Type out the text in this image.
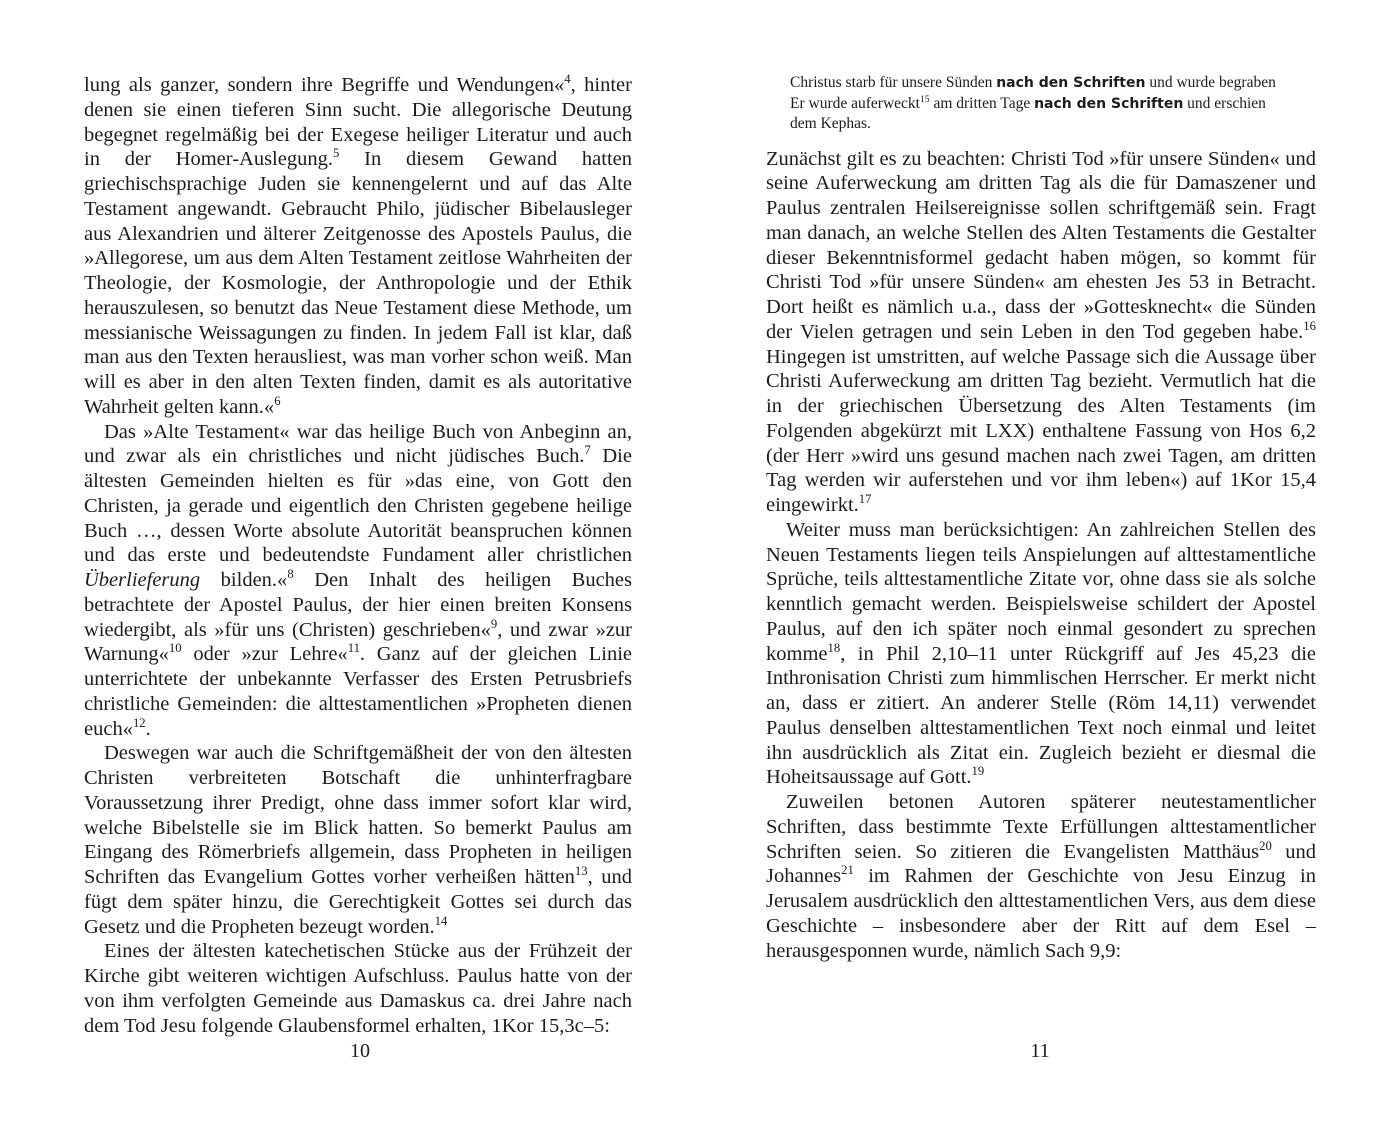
lung als ganzer, sondern ihre Begriffe und Wendungen«$^4$, hinter denen sie einen tieferen Sinn sucht. Die allegorische Deutung begegnet regelmäßig bei der Exegese heiliger Literatur und auch in der Homer-Auslegung.$^5$ In diesem Gewand hatten griechischsprachige Juden sie kennengelernt und auf das Alte Testament angewandt. Gebraucht Philo, jüdischer Bibelausleger aus Alexandrien und älterer Zeitgenosse des Apostels Paulus, die »Allegorese, um aus dem Alten Testament zeitlose Wahrheiten der Theologie, der Kosmologie, der Anthropologie und der Ethik herauszulesen, so benutzt das Neue Testament diese Methode, um messianische Weissagungen zu finden. In jedem Fall ist klar, daß man aus den Texten herausliest, was man vorher schon weiß. Man will es aber in den alten Texten finden, damit es als autoritative Wahrheit gelten kann.«$^6$

Das »Alte Testament« war das heilige Buch von Anbeginn an, und zwar als ein christliches und nicht jüdisches Buch.$^7$ Die ältesten Gemeinden hielten es für »das eine, von Gott den Christen, ja gerade und eigentlich den Christen gegebene heilige Buch …, dessen Worte absolute Autorität beanspruchen können und das erste und bedeutendste Fundament aller christlichen Überlieferung bilden.«$^8$ Den Inhalt des heiligen Buches betrachtete der Apostel Paulus, der hier einen breiten Konsens wiedergibt, als »für uns (Christen) geschrieben«$^9$, und zwar »zur Warnung«$^{10}$ oder »zur Lehre«$^{11}$. Ganz auf der gleichen Linie unterrichtete der unbekannte Verfasser des Ersten Petrusbriefs christliche Gemeinden: die alttestamentlichen »Propheten dienen euch«$^{12}$.

Deswegen war auch die Schriftgemäßheit der von den ältesten Christen verbreiteten Botschaft die unhinterfragbare Voraussetzung ihrer Predigt, ohne dass immer sofort klar wird, welche Bibelstelle sie im Blick hatten. So bemerkt Paulus am Eingang des Römerbriefs allgemein, dass Propheten in heiligen Schriften das Evangelium Gottes vorher verheißen hätten$^{13}$, und fügt dem später hinzu, die Gerechtigkeit Gottes sei durch das Gesetz und die Propheten bezeugt worden.$^{14}$

Eines der ältesten katechetischen Stücke aus der Frühzeit der Kirche gibt weiteren wichtigen Aufschluss. Paulus hatte von der von ihm verfolgten Gemeinde aus Damaskus ca. drei Jahre nach dem Tod Jesu folgende Glaubensformel erhalten, 1Kor 15,3c–5:

Christus starb für unsere Sünden nach den Schriften und wurde begraben
Er wurde auferweckt$^{15}$ am dritten Tage nach den Schriften und erschien
dem Kephas.

Zunächst gilt es zu beachten: Christi Tod »für unsere Sünden« und seine Auferweckung am dritten Tag als die für Damaszener und Paulus zentralen Heilsereignisse sollen schriftgemäß sein. Fragt man danach, an welche Stellen des Alten Testaments die Gestalter dieser Bekenntnisformel gedacht haben mögen, so kommt für Christi Tod »für unsere Sünden« am ehesten Jes 53 in Betracht. Dort heißt es nämlich u.a., dass der »Gottesknecht« die Sünden der Vielen getragen und sein Leben in den Tod gegeben habe.$^{16}$ Hingegen ist umstritten, auf welche Passage sich die Aussage über Christi Auferweckung am dritten Tag bezieht. Vermutlich hat die in der griechischen Übersetzung des Alten Testaments (im Folgenden abgekürzt mit LXX) enthaltene Fassung von Hos 6,2 (der Herr »wird uns gesund machen nach zwei Tagen, am dritten Tag werden wir auferstehen und vor ihm leben«) auf 1Kor 15,4 eingewirkt.$^{17}$

Weiter muss man berücksichtigen: An zahlreichen Stellen des Neuen Testaments liegen teils Anspielungen auf alttestamentliche Sprüche, teils alttestamentliche Zitate vor, ohne dass sie als solche kenntlich gemacht werden. Beispielsweise schildert der Apostel Paulus, auf den ich später noch einmal gesondert zu sprechen komme$^{18}$, in Phil 2,10–11 unter Rückgriff auf Jes 45,23 die Inthronisation Christi zum himmlischen Herrscher. Er merkt nicht an, dass er zitiert. An anderer Stelle (Röm 14,11) verwendet Paulus denselben alttestamentlichen Text noch einmal und leitet ihn ausdrücklich als Zitat ein. Zugleich bezieht er diesmal die Hoheitsaussage auf Gott.$^{19}$

Zuweilen betonen Autoren späterer neutestamentlicher Schriften, dass bestimmte Texte Erfüllungen alttestamentlicher Schriften seien. So zitieren die Evangelisten Matthäus$^{20}$ und Johannes$^{21}$ im Rahmen der Geschichte von Jesu Einzug in Jerusalem ausdrücklich den alttestamentlichen Vers, aus dem diese Geschichte – insbesondere aber der Ritt auf dem Esel – herausgesponnen wurde, nämlich Sach 9,9:

10	11
